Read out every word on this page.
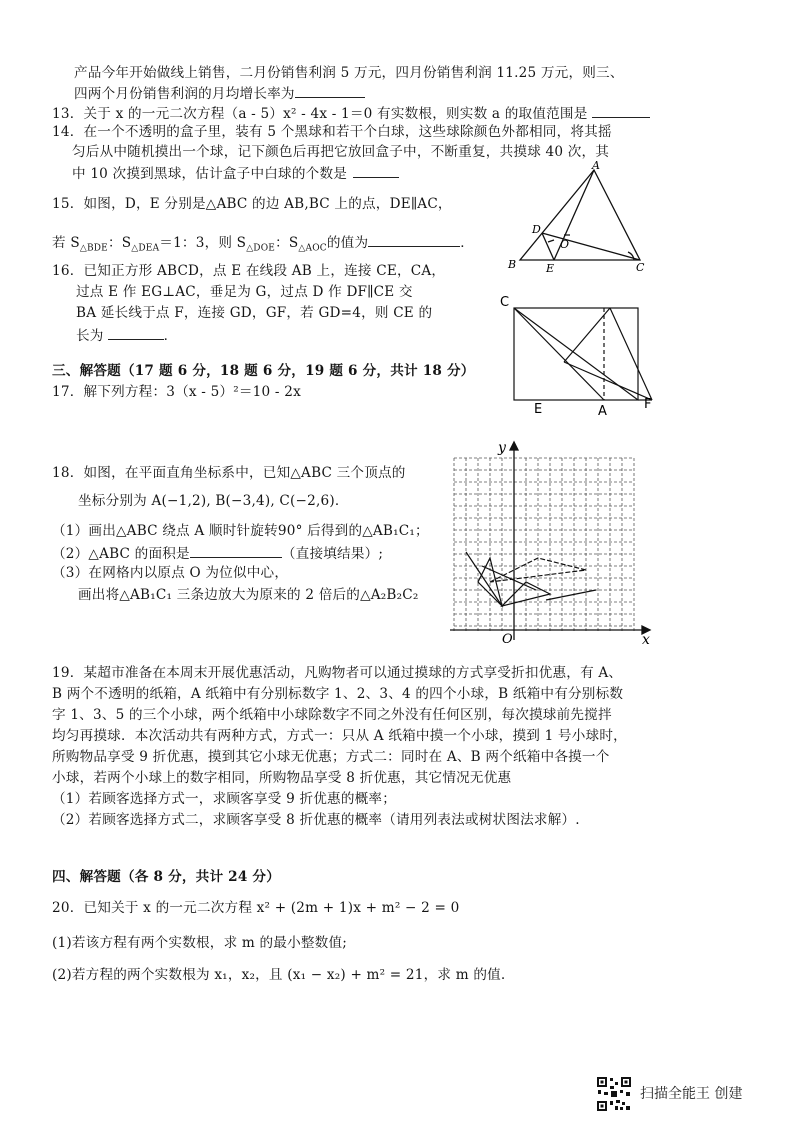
产品今年开始做线上销售，二月份销售利润 5 万元，四月份销售利润 11.25 万元，则三、
四两个月份销售利润的月均增长率为
13．关于 x 的一元二次方程（a - 5）x² - 4x - 1＝0 有实数根，则实数 a 的取值范围是
14．在一个不透明的盒子里，装有 5 个黑球和若干个白球，这些球除颜色外都相同，将其摇
匀后从中随机摸出一个球，记下颜色后再把它放回盒子中，不断重复，共摸球 40 次，其
中 10 次摸到黑球，估计盒子中白球的个数是
15．如图，D，E 分别是△ABC 的边 AB,BC 上的点，DE∥AC，
若 $S_{\triangle BDE}$：$S_{\triangle DEA}=1$：3，则 $S_{\triangle DOE}$：$S_{\triangle AOC}$的值为	．
16．已知正方形 ABCD，点 E 在线段 AB 上，连接 CE，CA，
过点 E 作 EG⊥AC，垂足为 G，过点 D 作 DF∥CE 交
BA 延长线于点 F，连接 GD，GF，若 GD=4，则 CE 的
长为	．
三、解答题（17 题 6 分，18 题 6 分，19 题 6 分，共计 18 分）
17．解下列方程：3（x - 5）²＝10 - 2x
18．如图，在平面直角坐标系中，已知△ABC 三个顶点的
坐标分别为 A(−1,2), B(−3,4), C(−2,6)．
（1）画出△ABC 绕点 A 顺时针旋转90° 后得到的△AB₁C₁；
（2）△ABC 的面积是	（直接填结果）;
（3）在网格内以原点 O 为位似中心，
画出将△AB₁C₁ 三条边放大为原来的 2 倍后的△A₂B₂C₂
19．某超市准备在本周末开展优惠活动，凡购物者可以通过摸球的方式享受折扣优惠，有 A、
B 两个不透明的纸箱，A 纸箱中有分别标数字 1、2、3、4 的四个小球，B 纸箱中有分别标数
字 1、3、5 的三个小球，两个纸箱中小球除数字不同之外没有任何区别，每次摸球前先搅拌
均匀再摸球．本次活动共有两种方式，方式一：只从 A 纸箱中摸一个小球，摸到 1 号小球时，
所购物品享受 9 折优惠，摸到其它小球无优惠；方式二：同时在 A、B 两个纸箱中各摸一个
小球，若两个小球上的数字相同，所购物品享受 8 折优惠，其它情况无优惠
（1）若顾客选择方式一，求顾客享受 9 折优惠的概率；
（2）若顾客选择方式二，求顾客享受 8 折优惠的概率（请用列表法或树状图法求解）.
四、解答题（各 8 分，共计 24 分）
20．已知关于 x 的一元二次方程 x² + (2m + 1)x + m² − 2 = 0
(1)若该方程有两个实数根，求 m 的最小整数值;
(2)若方程的两个实数根为 x₁，x₂，且 (x₁ − x₂) + m² = 21，求 m 的值.
A
B	C
D
E
O
C
A	F
E
y
x
O
扫描全能王 创建
